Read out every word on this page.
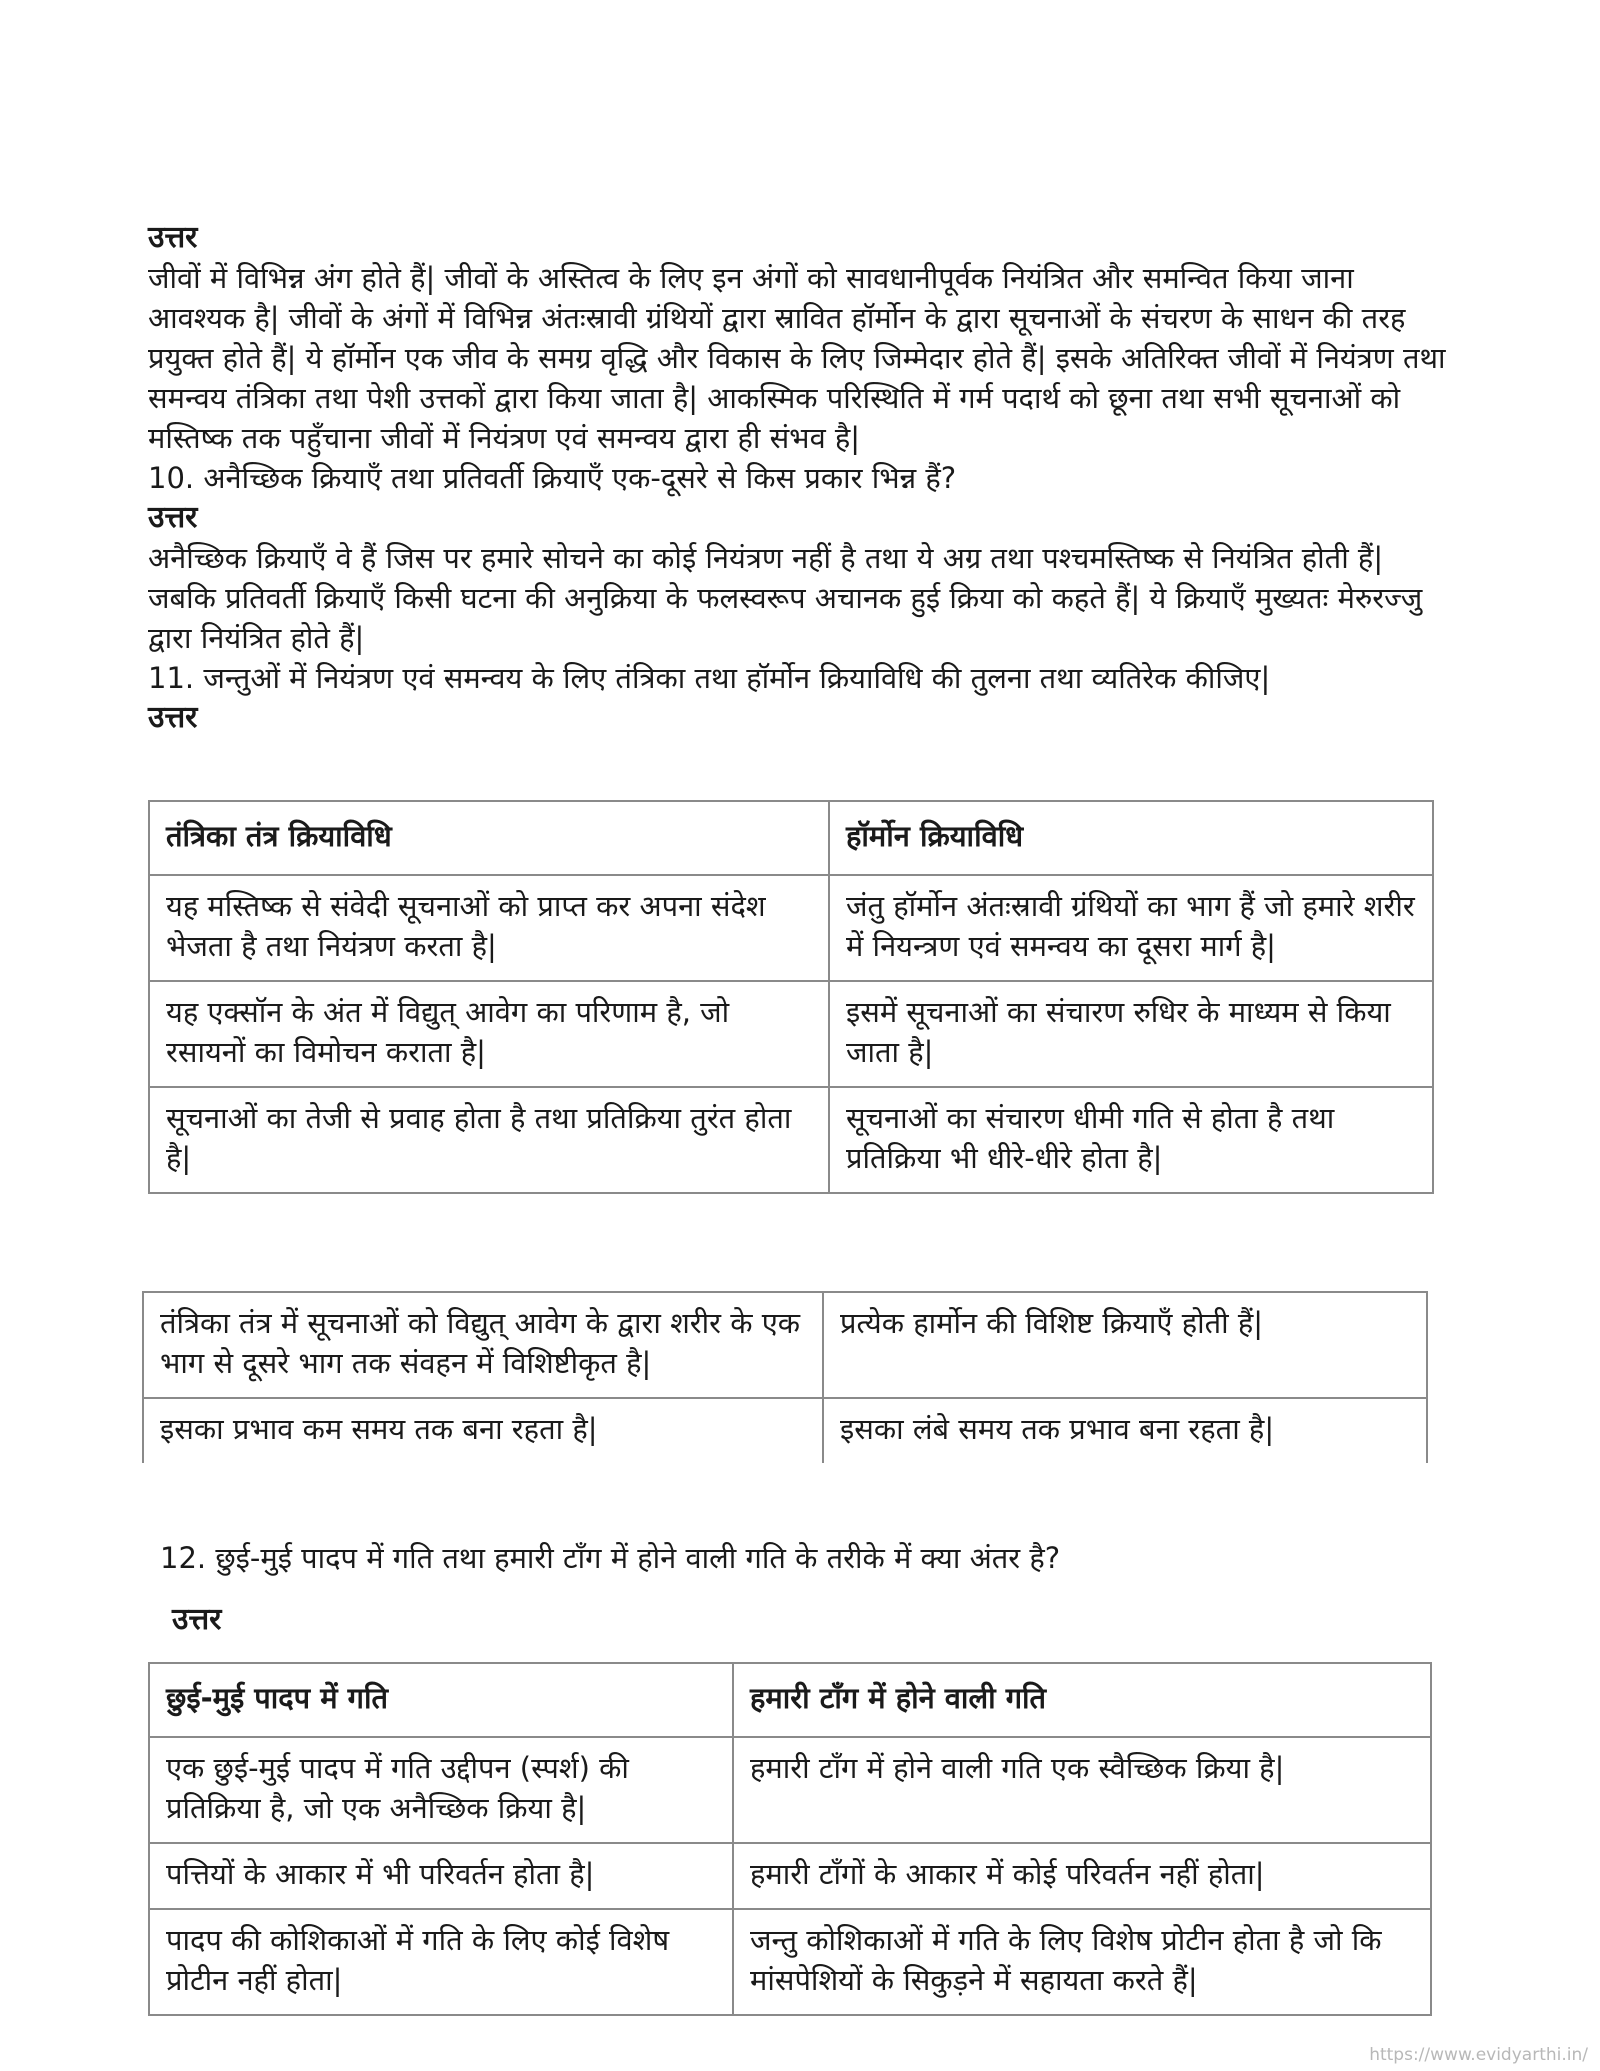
उत्तर

जीवों में विभिन्न अंग होते हैं| जीवों के अस्तित्व के लिए इन अंगों को सावधानीपूर्वक नियंत्रित और समन्वित किया जाना आवश्यक है| जीवों के अंगों में विभिन्न अंतःस्रावी ग्रंथियों द्वारा स्रावित हॉर्मोन के द्वारा सूचनाओं के संचरण के साधन की तरह प्रयुक्त होते हैं| ये हॉर्मोन एक जीव के समग्र वृद्धि और विकास के लिए जिम्मेदार होते हैं| इसके अतिरिक्त जीवों में नियंत्रण तथा समन्वय तंत्रिका तथा पेशी उत्तकों द्वारा किया जाता है| आकस्मिक परिस्थिति में गर्म पदार्थ को छूना तथा सभी सूचनाओं को मस्तिष्क तक पहुँचाना जीवों में नियंत्रण एवं समन्वय द्वारा ही संभव है|

10. अनैच्छिक क्रियाएँ तथा प्रतिवर्ती क्रियाएँ एक-दूसरे से किस प्रकार भिन्न हैं?

उत्तर

अनैच्छिक क्रियाएँ वे हैं जिस पर हमारे सोचने का कोई नियंत्रण नहीं है तथा ये अग्र तथा पश्चमस्तिष्क से नियंत्रित होती हैं| जबकि प्रतिवर्ती क्रियाएँ किसी घटना की अनुक्रिया के फलस्वरूप अचानक हुई क्रिया को कहते हैं| ये क्रियाएँ मुख्यतः मेरुरज्जु द्वारा नियंत्रित होते हैं|

11. जन्तुओं में नियंत्रण एवं समन्वय के लिए तंत्रिका तथा हॉर्मोन क्रियाविधि की तुलना तथा व्यतिरेक कीजिए|

उत्तर

तंत्रिका तंत्र क्रियाविधि	हॉर्मोन क्रियाविधि
यह मस्तिष्क से संवेदी सूचनाओं को प्राप्त कर अपना संदेश भेजता है तथा नियंत्रण करता है|	जंतु हॉर्मोन अंतःस्रावी ग्रंथियों का भाग हैं जो हमारे शरीर में नियन्त्रण एवं समन्वय का दूसरा मार्ग है|
यह एक्सॉन के अंत में विद्युत् आवेग का परिणाम है, जो रसायनों का विमोचन कराता है|	इसमें सूचनाओं का संचारण रुधिर के माध्यम से किया जाता है|
सूचनाओं का तेजी से प्रवाह होता है तथा प्रतिक्रिया तुरंत होता है|	सूचनाओं का संचारण धीमी गति से होता है तथा प्रतिक्रिया भी धीरे-धीरे होता है|
तंत्रिका तंत्र में सूचनाओं को विद्युत् आवेग के द्वारा शरीर के एक भाग से दूसरे भाग तक संवहन में विशिष्टीकृत है|	प्रत्येक हार्मोन की विशिष्ट क्रियाएँ होती हैं|
इसका प्रभाव कम समय तक बना रहता है|	इसका लंबे समय तक प्रभाव बना रहता है|

12. छुई-मुई पादप में गति तथा हमारी टाँग में होने वाली गति के तरीके में क्या अंतर है?

उत्तर

छुई-मुई पादप में गति	हमारी टाँग में होने वाली गति
एक छुई-मुई पादप में गति उद्दीपन (स्पर्श) की प्रतिक्रिया है, जो एक अनैच्छिक क्रिया है|	हमारी टाँग में होने वाली गति एक स्वैच्छिक क्रिया है|
पत्तियों के आकार में भी परिवर्तन होता है|	हमारी टाँगों के आकार में कोई परिवर्तन नहीं होता|
पादप की कोशिकाओं में गति के लिए कोई विशेष प्रोटीन नहीं होता|	जन्तु कोशिकाओं में गति के लिए विशेष प्रोटीन होता है जो कि मांसपेशियों के सिकुड़ने में सहायता करते हैं|
https://www.evidyarthi.in/
